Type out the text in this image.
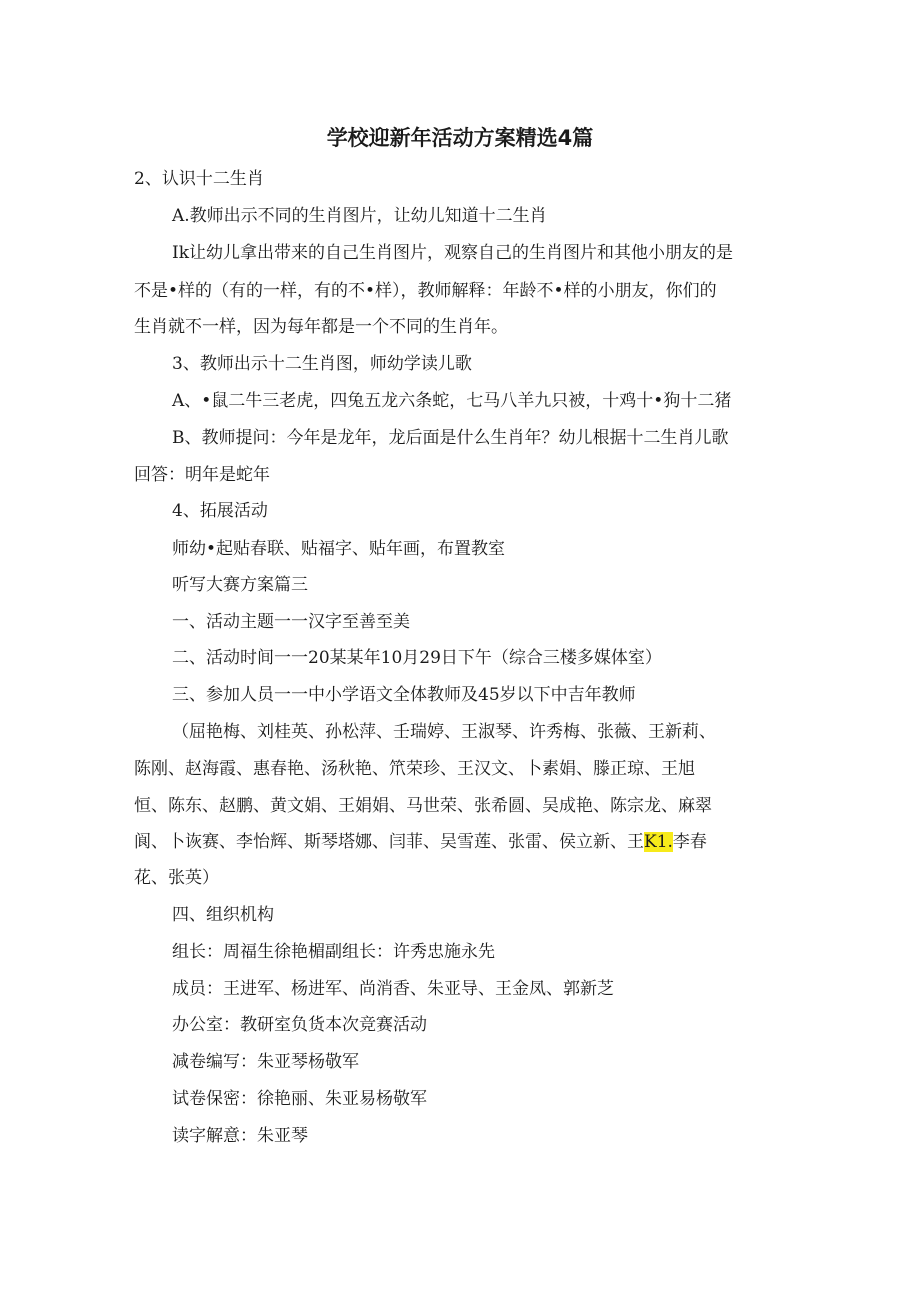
学校迎新年活动方案精选4篇
2、认识十二生肖
A.教师出示不同的生肖图片，让幼儿知道十二生肖
Ik让幼儿拿出带来的自己生肖图片，观察自己的生肖图片和其他小朋友的是
不是•样的（有的一样，有的不•样），教师解释：年龄不•样的小朋友，你们的
生肖就不一样，因为每年都是一个不同的生肖年。
3、教师出示十二生肖图，师幼学读儿歌
A、•鼠二牛三老虎，四兔五龙六条蛇，七马八羊九只被，十鸡十•狗十二猪
B、教师提问：今年是龙年，龙后面是什么生肖年？幼儿根据十二生肖儿歌
回答：明年是蛇年
4、拓展活动
师幼•起贴春联、贴福字、贴年画，布置教室
听写大赛方案篇三
一、活动主题一一汉字至善至美
二、活动时间一一20某某年10月29日下午（综合三楼多媒体室）
三、参加人员一一中小学语文全体教师及45岁以下中吉年教师
（屈艳梅、刘桂英、孙松萍、壬瑞婷、王淑琴、许秀梅、张薇、王新莉、
陈刚、赵海霞、惠春艳、汤秋艳、笊荣珍、王汉文、卜素娟、滕正琼、王旭
恒、陈东、赵鹏、黄文娟、王娟娟、马世荣、张希圆、吴成艳、陈宗龙、麻翠
阆、卜诙赛、李怡辉、斯琴塔娜、闫菲、吴雪莲、张雷、侯立新、王K1.李春
花、张英）
四、组织机构
组长：周福生徐艳楣副组长：许秀忠施永先
成员：王进军、杨进军、尚消香、朱亚导、王金凤、郭新芝
办公室：教研室负货本次竞赛活动
减卷编写：朱亚琴杨敬军
试卷保密：徐艳丽、朱亚易杨敬军
读字解意：朱亚琴
